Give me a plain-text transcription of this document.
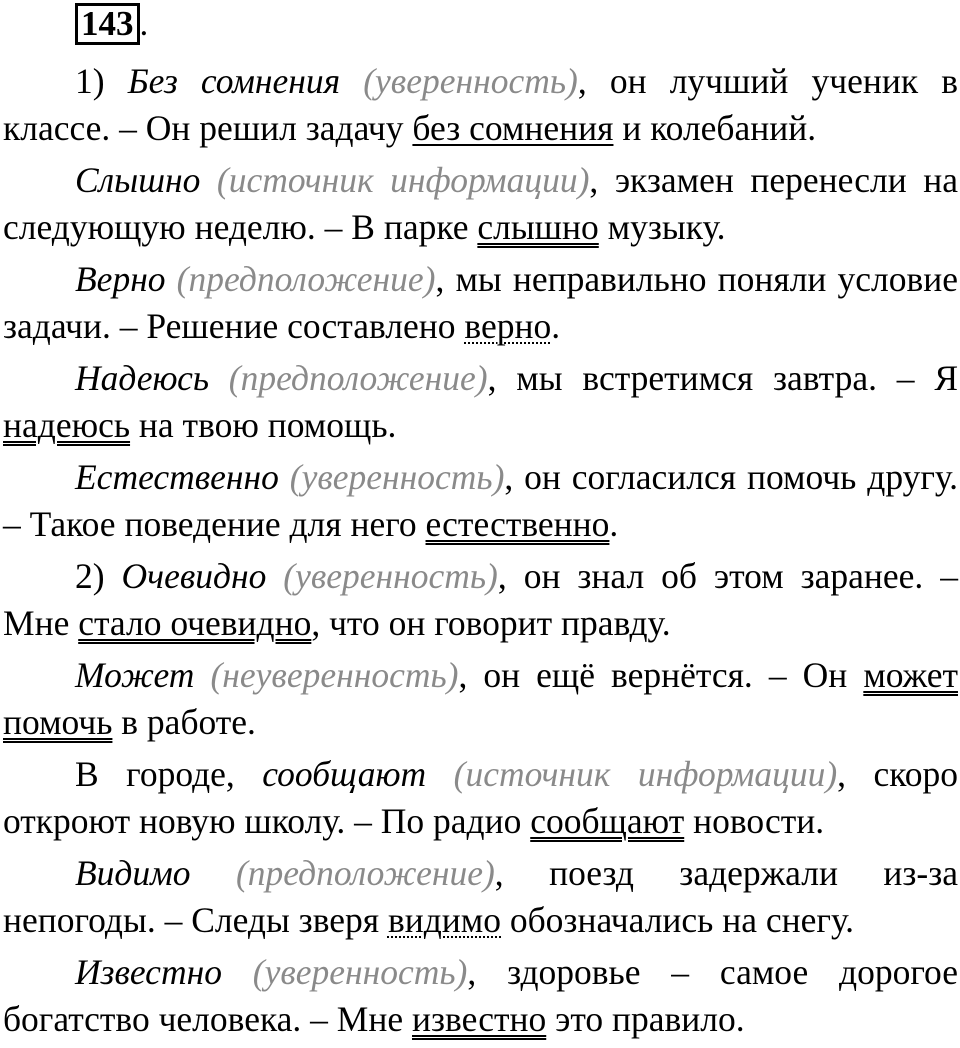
143 .

1) Без сомнения (уверенность), он лучший ученик в классе. – Он решил задачу без сомнения и колебаний.

Слышно (источник информации), экзамен перенесли на следующую неделю. – В парке слышно музыку.

Верно (предположение), мы неправильно поняли условие задачи. – Решение составлено верно.

Надеюсь (предположение), мы встретимся завтра. – Я надеюсь на твою помощь.

Естественно (уверенность), он согласился помочь другу. – Такое поведение для него естественно.

2) Очевидно (уверенность), он знал об этом заранее. – Мне стало очевидно, что он говорит правду.

Может (неуверенность), он ещё вернётся. – Он может помочь в работе.

В городе, сообщают (источник информации), скоро откроют новую школу. – По радио сообщают новости.

Видимо (предположение), поезд задержали из-за непогоды. – Следы зверя видимо обозначались на снегу.

Известно (уверенность), здоровье – самое дорогое богатство человека. – Мне известно это правило.
